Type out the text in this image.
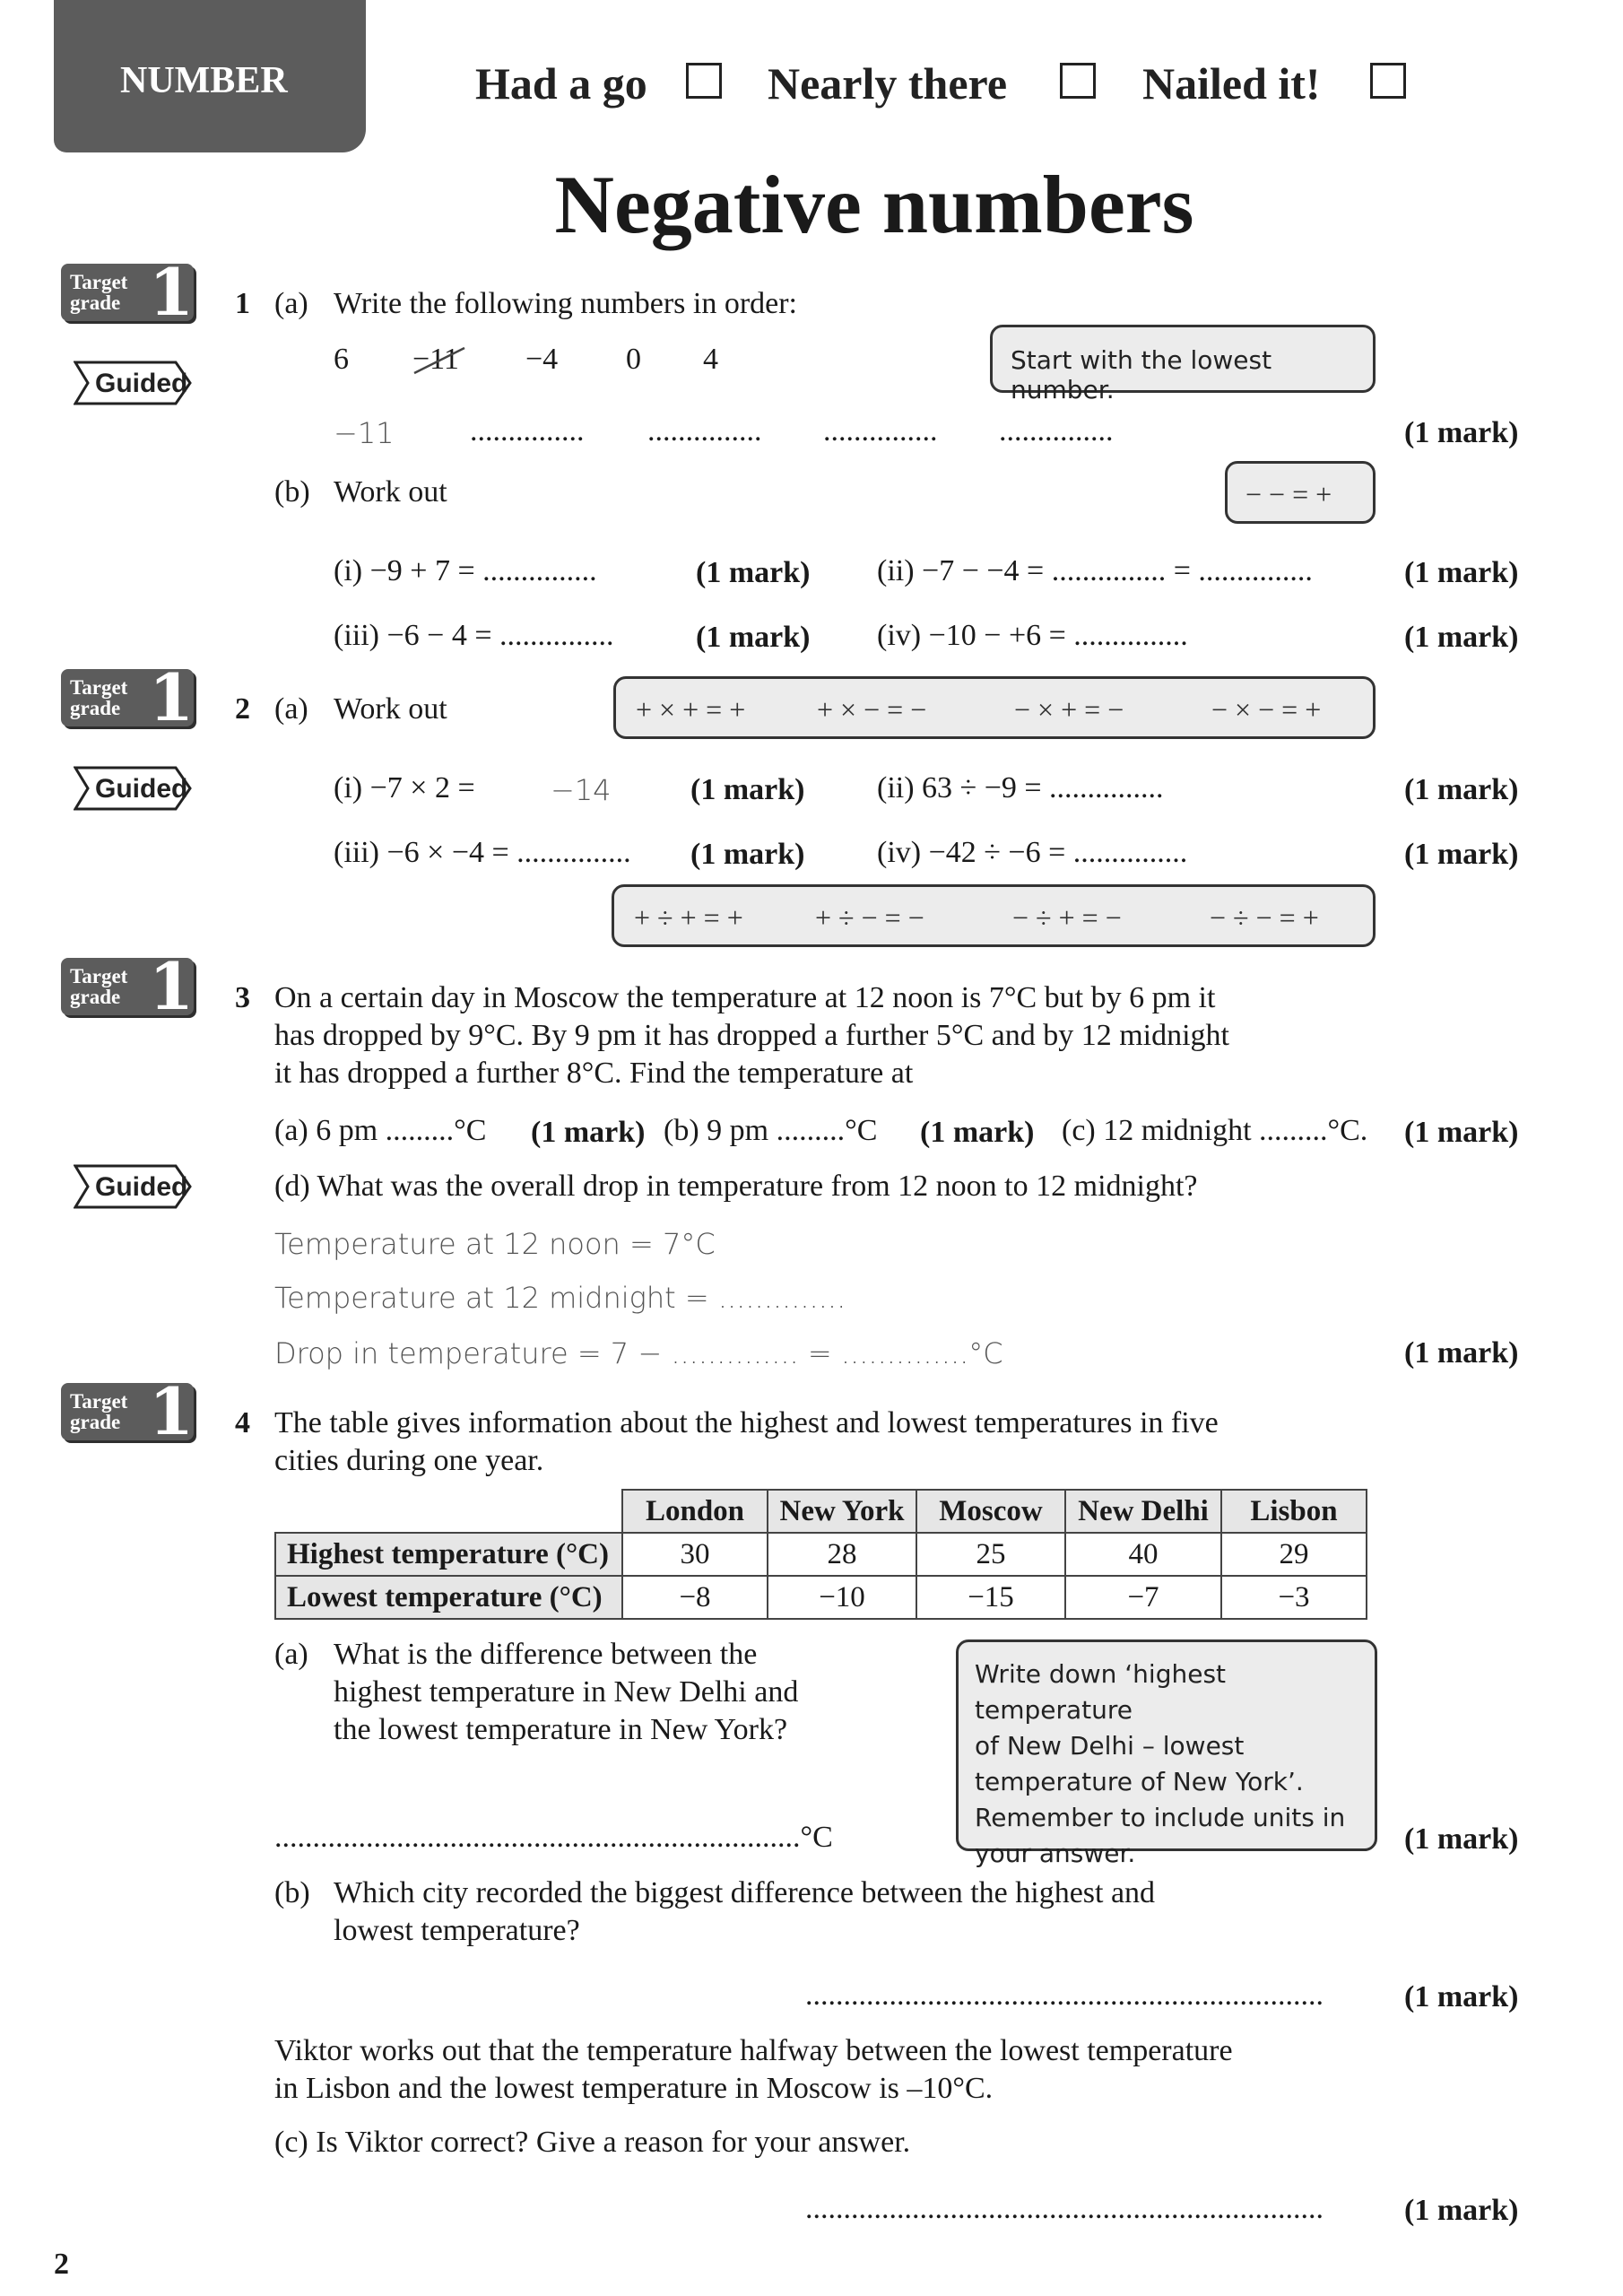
NUMBER	Had a go	Nearly there	Nailed it!
Negative numbers
Target
grade 1
Guided
Target
grade 1
Guided
Target
grade 1
Guided
Target
grade 1
1 (a) Write the following numbers in order:
6 −11 −4 0 4	Start with the lowest number.
−11 ............... ............... ............... ...............	(1 mark)
(b) Work out	− − = +
(i) −9 + 7 = ...............	(1 mark) (ii) −7 − −4 = ............... = ...............	(1 mark)
(iii) −6 − 4 = ...............	(1 mark) (iv) −10 − +6 = ...............	(1 mark)
2 (a) Work out	+ × + = + + × − = −	− × + = −	− × − = +
(i) −7 × 2 =	−14	(1 mark) (ii) 63 ÷ −9 = ...............	(1 mark)
(iii) −6 × −4 = ............... (1 mark) (iv) −42 ÷ −6 = ...............	(1 mark)
+ ÷ + = +	+ ÷ − = −	− ÷ + = −	− ÷ − = +
3 On a certain day in Moscow the temperature at 12 noon is 7°C but by 6 pm it
has dropped by 9°C. By 9 pm it has dropped a further 5°C and by 12 midnight
it has dropped a further 8°C. Find the temperature at
(a) 6 pm .........°C (1 mark) (b) 9 pm .........°C (1 mark) (c) 12 midnight .........°C. (1 mark)
(d) What was the overall drop in temperature from 12 noon to 12 midnight?
Temperature at 12 noon = 7°C
Temperature at 12 midnight = ..............
Drop in temperature = 7 − .............. = ..............°C	(1 mark)
4 The table gives information about the highest and lowest temperatures in five
cities during one year.
	London	New York	Moscow	New Delhi	Lisbon
Highest temperature (°C)	30	28	25	40	29
Lowest temperature (°C)	−8	−10	−15	−7	−3
(a) What is the difference between the
highest temperature in New Delhi and
the lowest temperature in New York?
Write down ‘highest temperature
of New Delhi – lowest
temperature of New York’.
Remember to include units in
your answer.
.....................................................................°C	(1 mark)
(b) Which city recorded the biggest difference between the highest and
lowest temperature?
....................................................................	(1 mark)
Viktor works out that the temperature halfway between the lowest temperature
in Lisbon and the lowest temperature in Moscow is –10°C.
(c) Is Viktor correct? Give a reason for your answer.
....................................................................	(1 mark)
2
